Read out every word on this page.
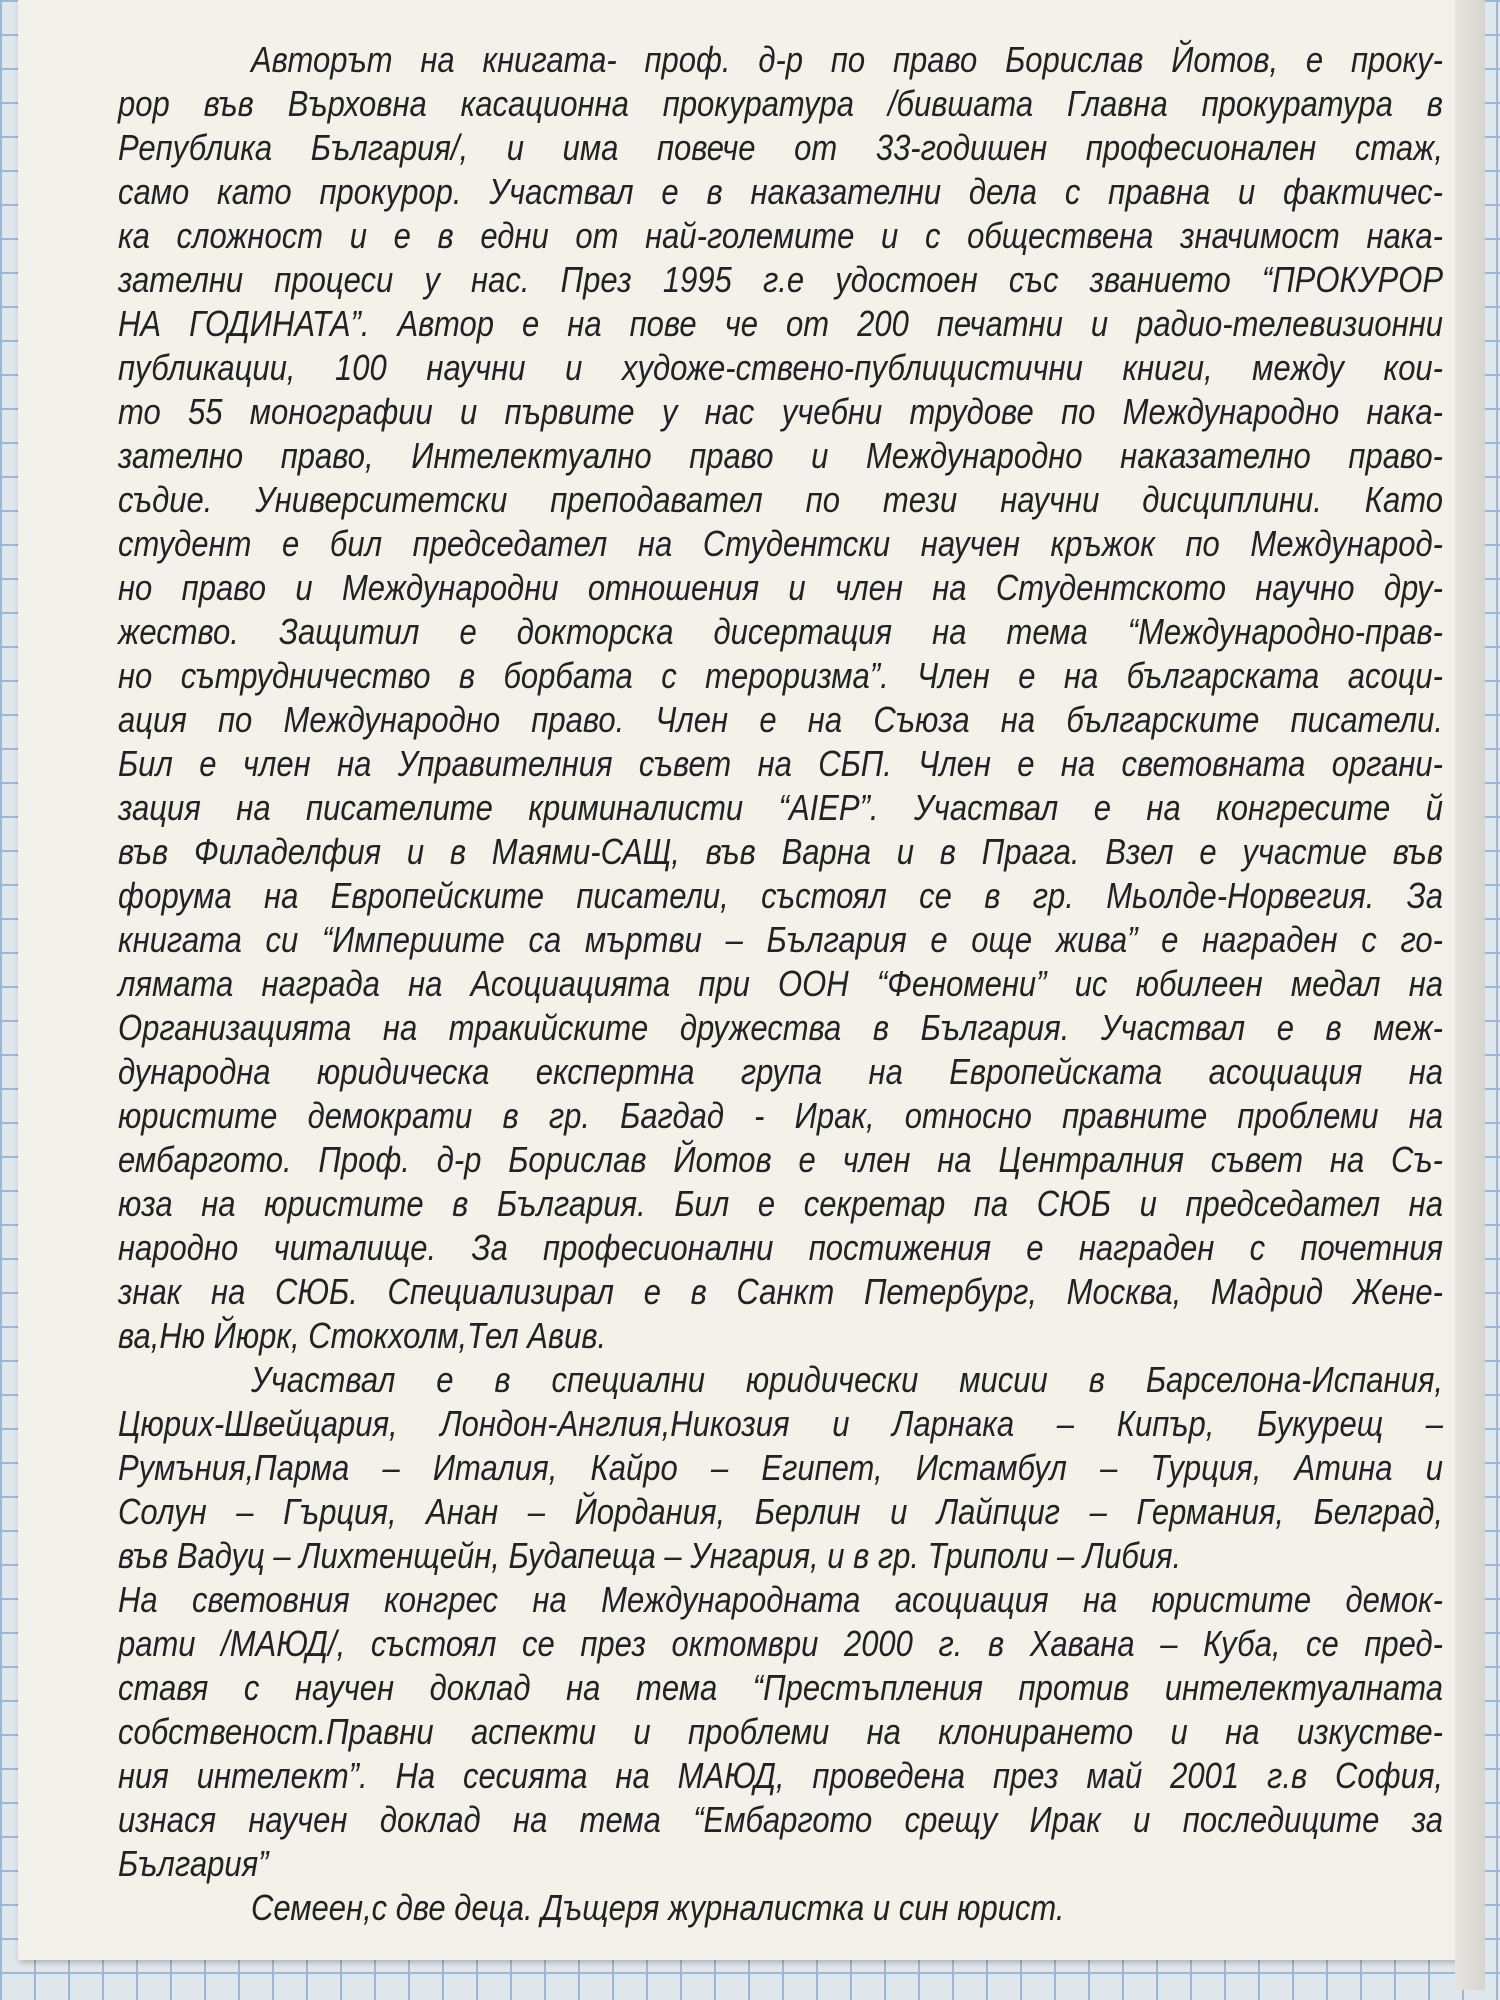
Авторът на книгата- проф. д-р по право Борислав Йотов, е проку-
рор във Върховна касационна прокуратура /бившата Главна прокуратура в
Република България/, и има повече от 33-годишен професионален стаж,
само като прокурор. Участвал е в наказателни дела с правна и фактичес-
ка сложност и е в едни от най-големите и с обществена значимост нака-
зателни процеси у нас. През 1995 г.е удостоен със званието “ПРОКУРОР
НА ГОДИНАТА”. Автор е на пове че от 200 печатни и радио-телевизионни
публикации, 100 научни и художе-ствено-публицистични книги, между кои-
то 55 монографии и първите у нас учебни трудове по Международно нака-
зателно право, Интелектуално право и Международно наказателно право-
съдие. Университетски преподавател по тези научни дисциплини. Като
студент е бил председател на Студентски научен кръжок по Международ-
но право и Международни отношения и член на Студентското научно дру-
жество. Защитил е докторска дисертация на тема “Международно-прав-
но сътрудничество в борбата с тероризма”. Член е на българската асоци-
ация по Международно право. Член е на Съюза на българските писатели.
Бил е член на Управителния съвет на СБП. Член е на световната органи-
зация на писателите криминалисти “AIEP”. Участвал е на конгресите й
във Филаделфия и в Маями-САЩ, във Варна и в Прага. Взел е участие във
форума на Европейските писатели, състоял се в гр. Мьолде-Норвегия. За
книгата си “Империите са мъртви – България е още жива” е награден с го-
лямата награда на Асоциацията при ООН “Феномени” ис юбилеен медал на
Организацията на тракийските дружества в България. Участвал е в меж-
дународна юридическа експертна група на Европейската асоциация на
юристите демократи в гр. Багдад - Ирак, относно правните проблеми на
ембаргото. Проф. д-р Борислав Йотов е член на Централния съвет на Съ-
юза на юристите в България. Бил е секретар па СЮБ и председател на
народно читалище. За професионални постижения е награден с почетния
знак на СЮБ. Специализирал е в Санкт Петербург, Москва, Мадрид Жене-
ва,Ню Йюрк, Стокхолм,Тел Авив.
Участвал е в специални юридически мисии в Барселона-Испания,
Цюрих-Швейцария, Лондон-Англия,Никозия и Ларнака – Кипър, Букурещ –
Румъния,Парма – Италия, Кайро – Египет, Истамбул – Турция, Атина и
Солун – Гърция, Анан – Йордания, Берлин и Лайпциг – Германия, Белград,
във Вадуц – Лихтенщейн, Будапеща – Унгария, и в гр. Триполи – Либия.
На световния конгрес на Международната асоциация на юристите демок-
рати /МАЮД/, състоял се през октомври 2000 г. в Хавана – Куба, се пред-
ставя с научен доклад на тема “Престъпления против интелектуалната
собственост.Правни аспекти и проблеми на клонирането и на изкустве-
ния интелект”. На сесията на МАЮД, проведена през май 2001 г.в София,
изнася научен доклад на тема “Ембаргото срещу Ирак и последиците за
България”
Семеен,с две деца. Дъщеря журналистка и син юрист.
